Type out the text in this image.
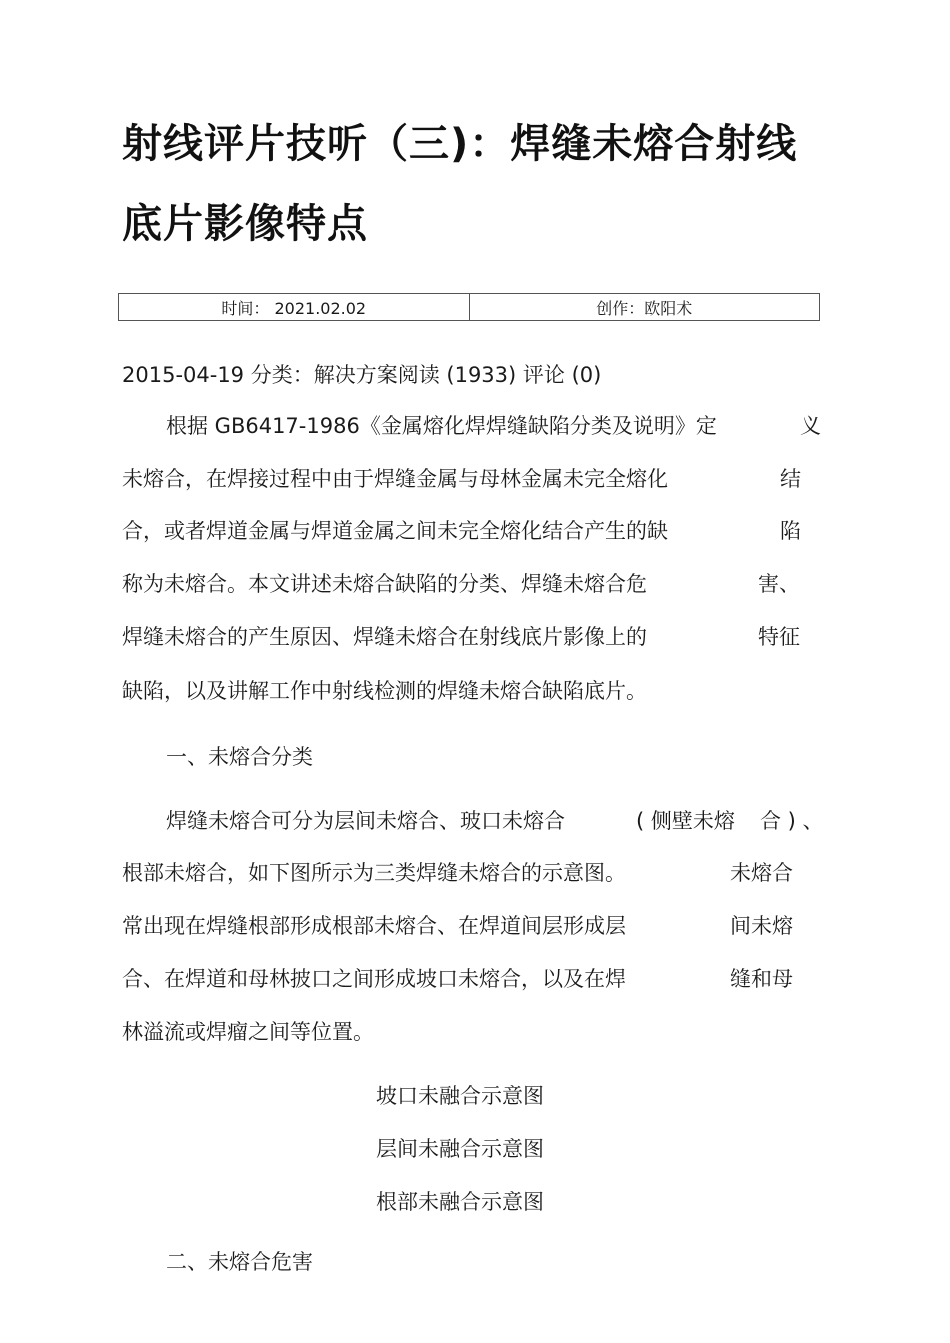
射线评片技听（三)：焊缝未熔合射线
底片影像特点
时间： 2021.02.02	创作：欧阳术

2015-04-19 分类：解决方案阅读 (1933) 评论 (0)

根据 GB6417-1986《金属熔化焊焊缝缺陷分类及说明》定	义

未熔合，在焊接过程中由于焊缝金属与母林金属未完全熔化	结

合，或者焊道金属与焊道金属之间未完全熔化结合产生的缺	陷

称为未熔合。本文讲述未熔合缺陷的分类、焊缝未熔合危	害、

焊缝未熔合的产生原因、焊缝未熔合在射线底片影像上的	特征

缺陷，以及讲解工作中射线检测的焊缝未熔合缺陷底片。

一、未熔合分类

焊缝未熔合可分为层间未熔合、玻口未熔合	( 侧壁未熔 合 ) 、

根部未熔合，如下图所示为三类焊缝未熔合的示意图。	未熔合

常出现在焊缝根部形成根部未熔合、在焊道间层形成层	间未熔

合、在焊道和母林披口之间形成坡口未熔合，以及在焊	缝和母

林溢流或焊瘤之间等位置。

坡口未融合示意图

层间未融合示意图

根部未融合示意图

二、未熔合危害
